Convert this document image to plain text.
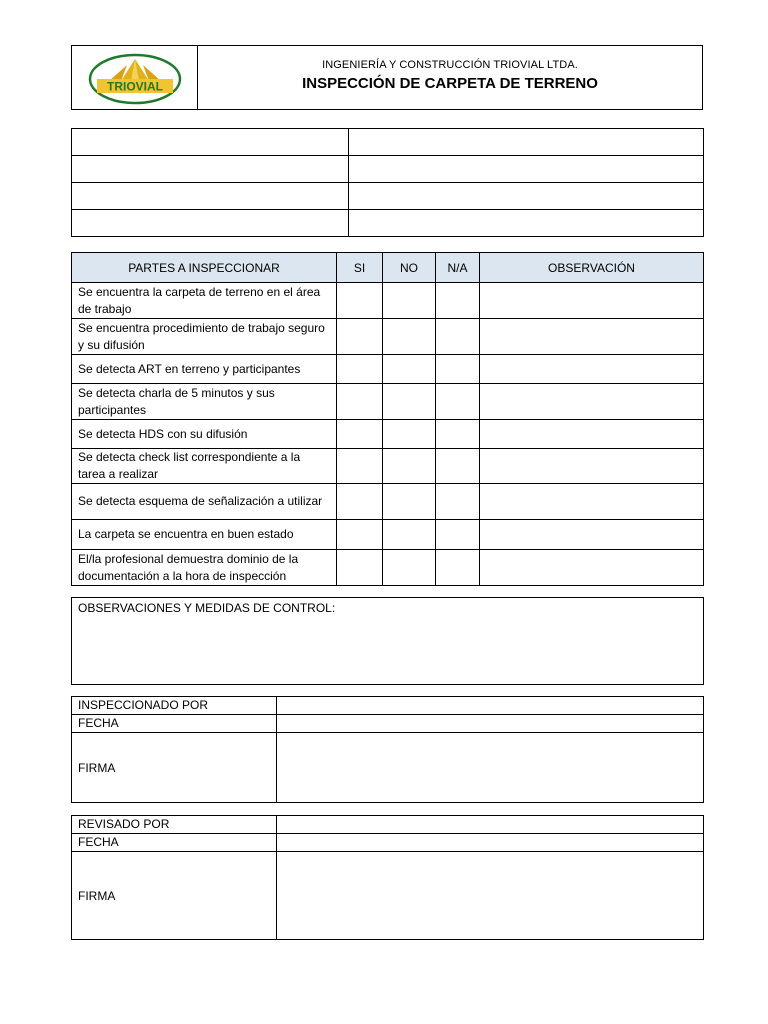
TRIOVIAL
INGENIERÍA Y CONSTRUCCIÓN TRIOVIAL LTDA.
INSPECCIÓN DE CARPETA DE TERRENO

PARTES A INSPECCIONAR	SI	NO	N/A	OBSERVACIÓN
Se encuentra la carpeta de terreno en el área de trabajo				
Se encuentra procedimiento de trabajo seguro y su difusión				
Se detecta ART en terreno y participantes				
Se detecta charla de 5 minutos y sus participantes				
Se detecta HDS con su difusión				
Se detecta check list correspondiente a la tarea a realizar				
Se detecta esquema de señalización a utilizar				
La carpeta se encuentra en buen estado				
El/la profesional demuestra dominio de la documentación a la hora de inspección				
OBSERVACIONES Y MEDIDAS DE CONTROL:
INSPECCIONADO POR	
FECHA	
FIRMA	
REVISADO POR	
FECHA	
FIRMA	
